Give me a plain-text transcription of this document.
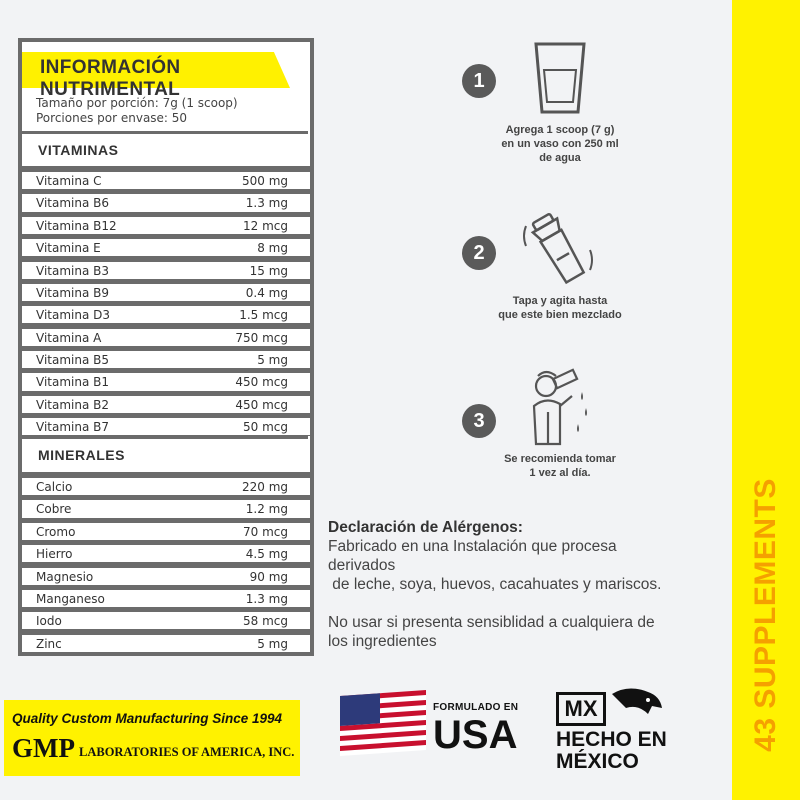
43 SUPPLEMENTS
INFORMACIÓN NUTRIMENTAL
Tamaño por porción: 7g (1 scoop)
Porciones por envase: 50
VITAMINAS
Vitamina C	500 mg
Vitamina B6	1.3 mg
Vitamina B12	12 mcg
Vitamina E	8 mg
Vitamina B3	15 mg
Vitamina B9	0.4 mg
Vitamina D3	1.5 mcg
Vitamina A	750 mcg
Vitamina B5	5 mg
Vitamina B1	450 mcg
Vitamina B2	450 mcg
Vitamina B7	50 mcg
MINERALES
Calcio	220 mg
Cobre	1.2 mg
Cromo	70 mcg
Hierro	4.5 mg
Magnesio	90 mg
Manganeso	1.3 mg
Iodo	58 mcg
Zinc	5 mg
1
Agrega 1 scoop (7 g)
en un vaso con 250 ml
de agua
2
Tapa y agita hasta
que este bien mezclado
3
Se recomienda tomar
1 vez al día.
Declaración de Alérgenos:
Fabricado en una Instalación que procesa
derivados
de leche, soya, huevos, cacahuates y mariscos.
No usar si presenta sensiblidad a cualquiera de
los ingredientes
Quality Custom Manufacturing Since 1994
GMP LABORATORIES OF AMERICA, INC.
FORMULADO EN
USA
MX
HECHO EN
MÉXICO
